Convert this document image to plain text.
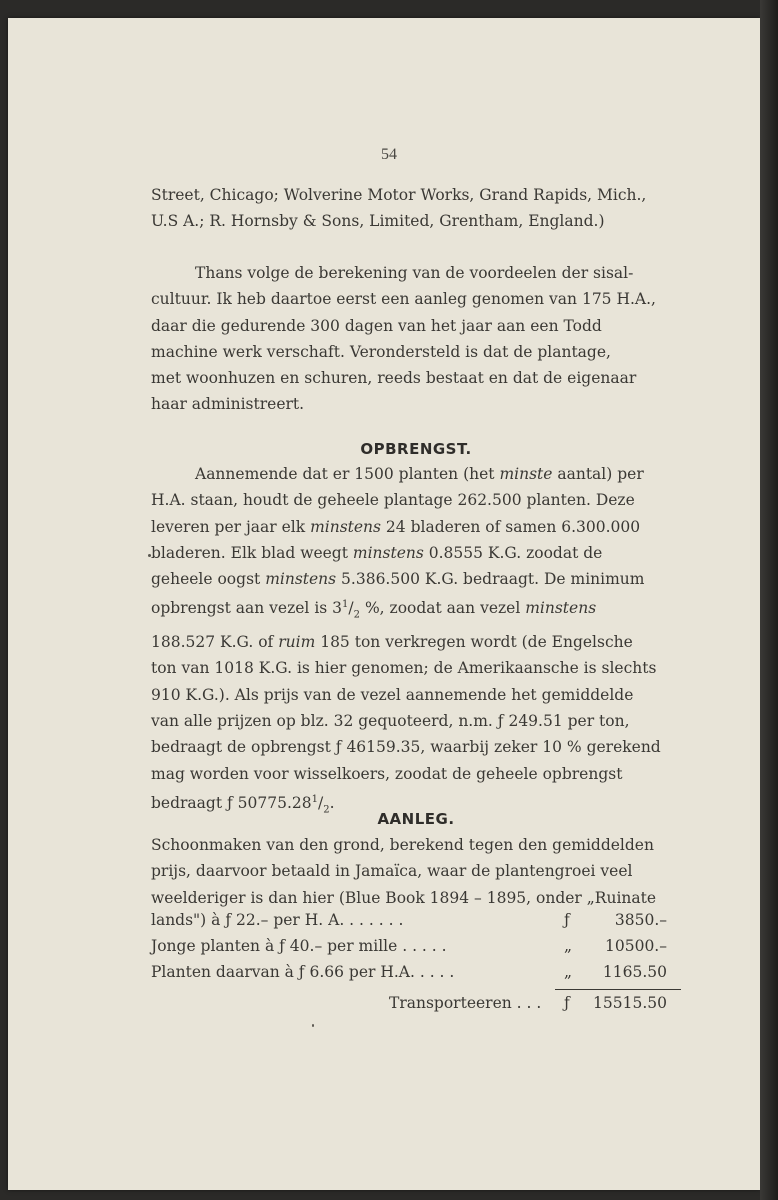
54

Street, Chicago; Wolverine Motor Works, Grand Rapids, Mich.,

U.S A.; R. Hornsby & Sons, Limited, Grentham, England.)

Thans volge de berekening van de voordeelen der sisal-

cultuur. Ik heb daartoe eerst een aanleg genomen van 175 H.A.,

daar die gedurende 300 dagen van het jaar aan een Todd

machine werk verschaft. Verondersteld is dat de plantage,

met woonhuzen en schuren, reeds bestaat en dat de eigenaar

haar administreert.

OPBRENGST.

Aannemende dat er 1500 planten (het minste aantal) per

H.A. staan, houdt de geheele plantage 262.500 planten. Deze

leveren per jaar elk minstens 24 bladeren of samen 6.300.000

bladeren. Elk blad weegt minstens 0.8555 K.G. zoodat de

geheele oogst minstens 5.386.500 K.G. bedraagt. De minimum

opbrengst aan vezel is $3^1/_2$ %, zoodat aan vezel minstens

188.527 K.G. of ruim 185 ton verkregen wordt (de Engelsche

ton van 1018 K.G. is hier genomen; de Amerikaansche is slechts

910 K.G.). Als prijs van de vezel aannemende het gemiddelde

van alle prijzen op blz. 32 gequoteerd, n.m. ƒ 249.51 per ton,

bedraagt de opbrengst ƒ 46159.35, waarbij zeker 10 % gerekend

mag worden voor wisselkoers, zoodat de geheele opbrengst

bedraagt ƒ $50775.28^1/_2$.

AANLEG.

Schoonmaken van den grond, berekend tegen den gemiddelden

prijs, daarvoor betaald in Jamaïca, waar de plantengroei veel

weelderiger is dan hier (Blue Book 1894 – 1895, onder „Ruinate

lands") à ƒ 22.– per H. A. . . . . . .	ƒ	3850.–
Jonge planten à ƒ 40.– per mille . . . . .	„ 10500.–
Planten daarvan à ƒ 6.66 per H.A. . . . .	„ 1165.50
Transporteeren . . . ƒ 15515.50
